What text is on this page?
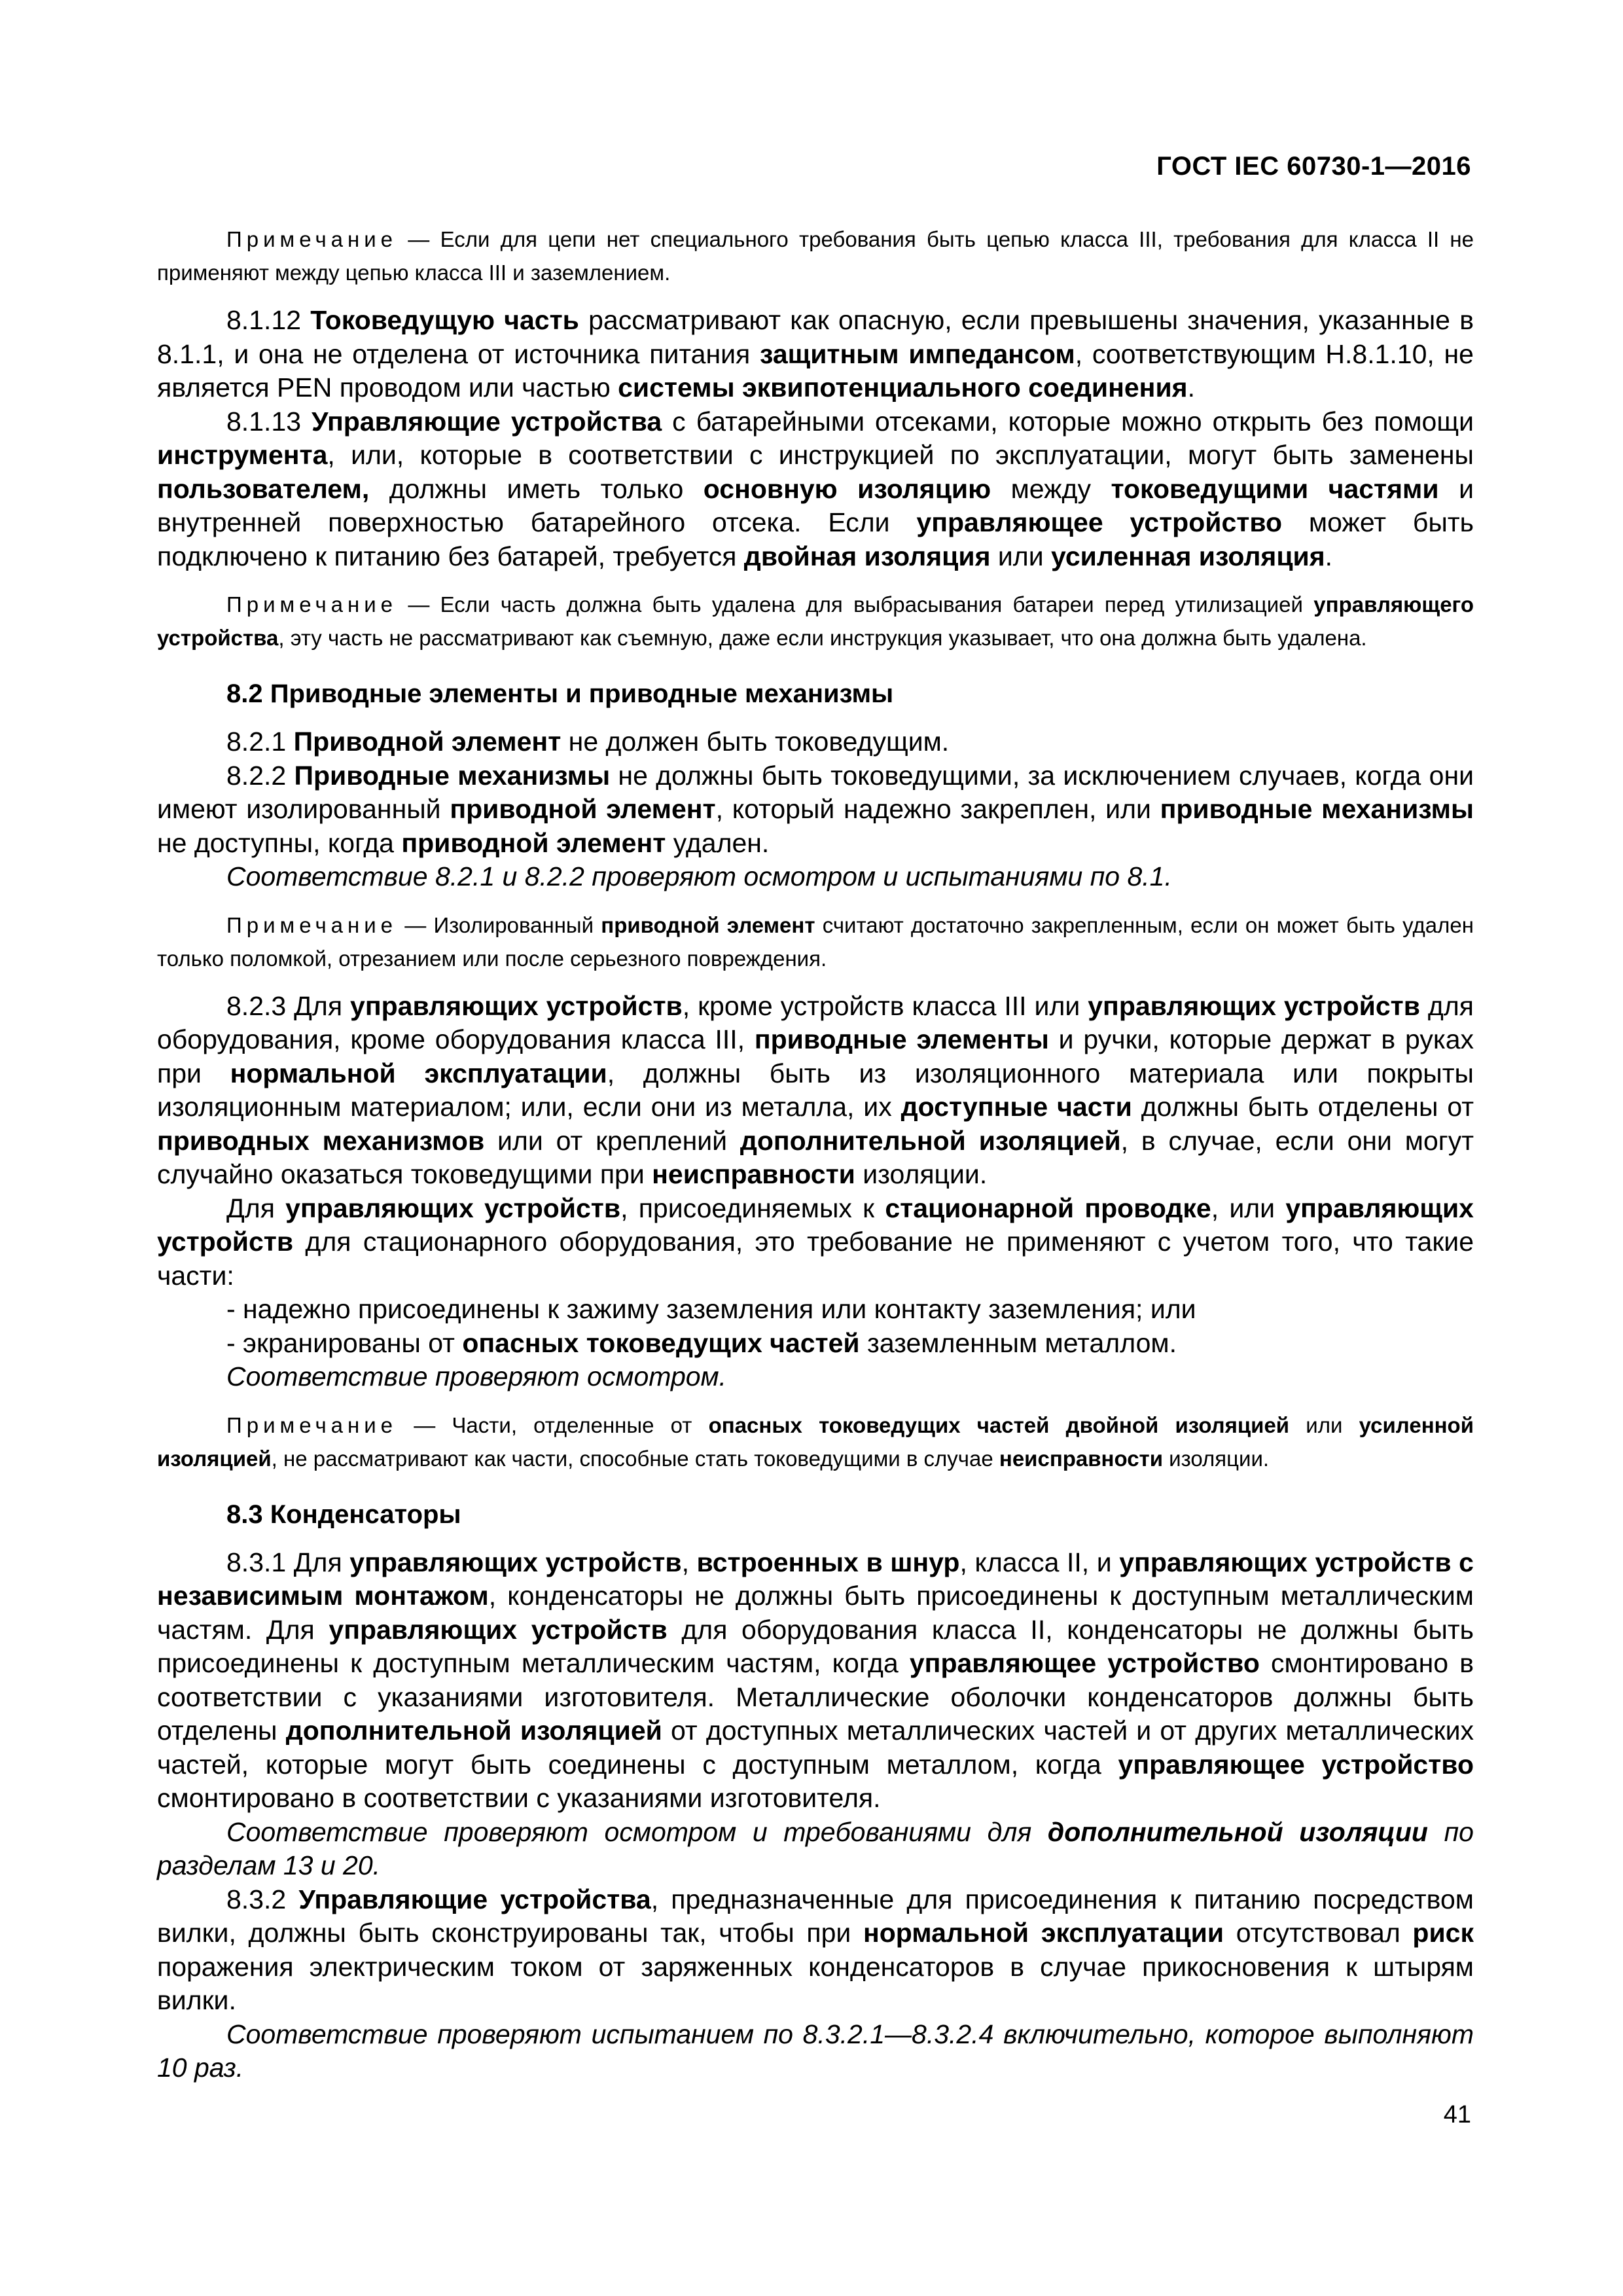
ГОСТ IEC 60730-1—2016

Примечание — Если для цепи нет специального требования быть цепью класса III, требования для класса II не применяют между цепью класса III и заземлением.

8.1.12 Токоведущую часть рассматривают как опасную, если превышены значения, указанные в 8.1.1, и она не отделена от источника питания защитным импедансом, соответствующим H.8.1.10, не является PEN проводом или частью системы эквипотенциального соединения.

8.1.13 Управляющие устройства с батарейными отсеками, которые можно открыть без помощи инструмента, или, которые в соответствии с инструкцией по эксплуатации, могут быть заменены пользователем, должны иметь только основную изоляцию между токоведущими частями и внутренней поверхностью батарейного отсека. Если управляющее устройство может быть подключено к питанию без батарей, требуется двойная изоляция или усиленная изоляция.

Примечание — Если часть должна быть удалена для выбрасывания батареи перед утилизацией управляющего устройства, эту часть не рассматривают как съемную, даже если инструкция указывает, что она должна быть удалена.

8.2 Приводные элементы и приводные механизмы

8.2.1 Приводной элемент не должен быть токоведущим.

8.2.2 Приводные механизмы не должны быть токоведущими, за исключением случаев, когда они имеют изолированный приводной элемент, который надежно закреплен, или приводные механизмы не доступны, когда приводной элемент удален.

Соответствие 8.2.1 и 8.2.2 проверяют осмотром и испытаниями по 8.1.

Примечание — Изолированный приводной элемент считают достаточно закрепленным, если он может быть удален только поломкой, отрезанием или после серьезного повреждения.

8.2.3 Для управляющих устройств, кроме устройств класса III или управляющих устройств для оборудования, кроме оборудования класса III, приводные элементы и ручки, которые держат в руках при нормальной эксплуатации, должны быть из изоляционного материала или покрыты изоляционным материалом; или, если они из металла, их доступные части должны быть отделены от приводных механизмов или от креплений дополнительной изоляцией, в случае, если они могут случайно оказаться токоведущими при неисправности изоляции.

Для управляющих устройств, присоединяемых к стационарной проводке, или управляющих устройств для стационарного оборудования, это требование не применяют с учетом того, что такие части:

- надежно присоединены к зажиму заземления или контакту заземления; или

- экранированы от опасных токоведущих частей заземленным металлом.

Соответствие проверяют осмотром.

Примечание — Части, отделенные от опасных токоведущих частей двойной изоляцией или усиленной изоляцией, не рассматривают как части, способные стать токоведущими в случае неисправности изоляции.

8.3 Конденсаторы

8.3.1 Для управляющих устройств, встроенных в шнур, класса II, и управляющих устройств с независимым монтажом, конденсаторы не должны быть присоединены к доступным металлическим частям. Для управляющих устройств для оборудования класса II, конденсаторы не должны быть присоединены к доступным металлическим частям, когда управляющее устройство смонтировано в соответствии с указаниями изготовителя. Металлические оболочки конденсаторов должны быть отделены дополнительной изоляцией от доступных металлических частей и от других металлических частей, которые могут быть соединены с доступным металлом, когда управляющее устройство смонтировано в соответствии с указаниями изготовителя.

Соответствие проверяют осмотром и требованиями для дополнительной изоляции по разделам 13 и 20.

8.3.2 Управляющие устройства, предназначенные для присоединения к питанию посредством вилки, должны быть сконструированы так, чтобы при нормальной эксплуатации отсутствовал риск поражения электрическим током от заряженных конденсаторов в случае прикосновения к штырям вилки.

Соответствие проверяют испытанием по 8.3.2.1—8.3.2.4 включительно, которое выполняют 10 раз.

41
